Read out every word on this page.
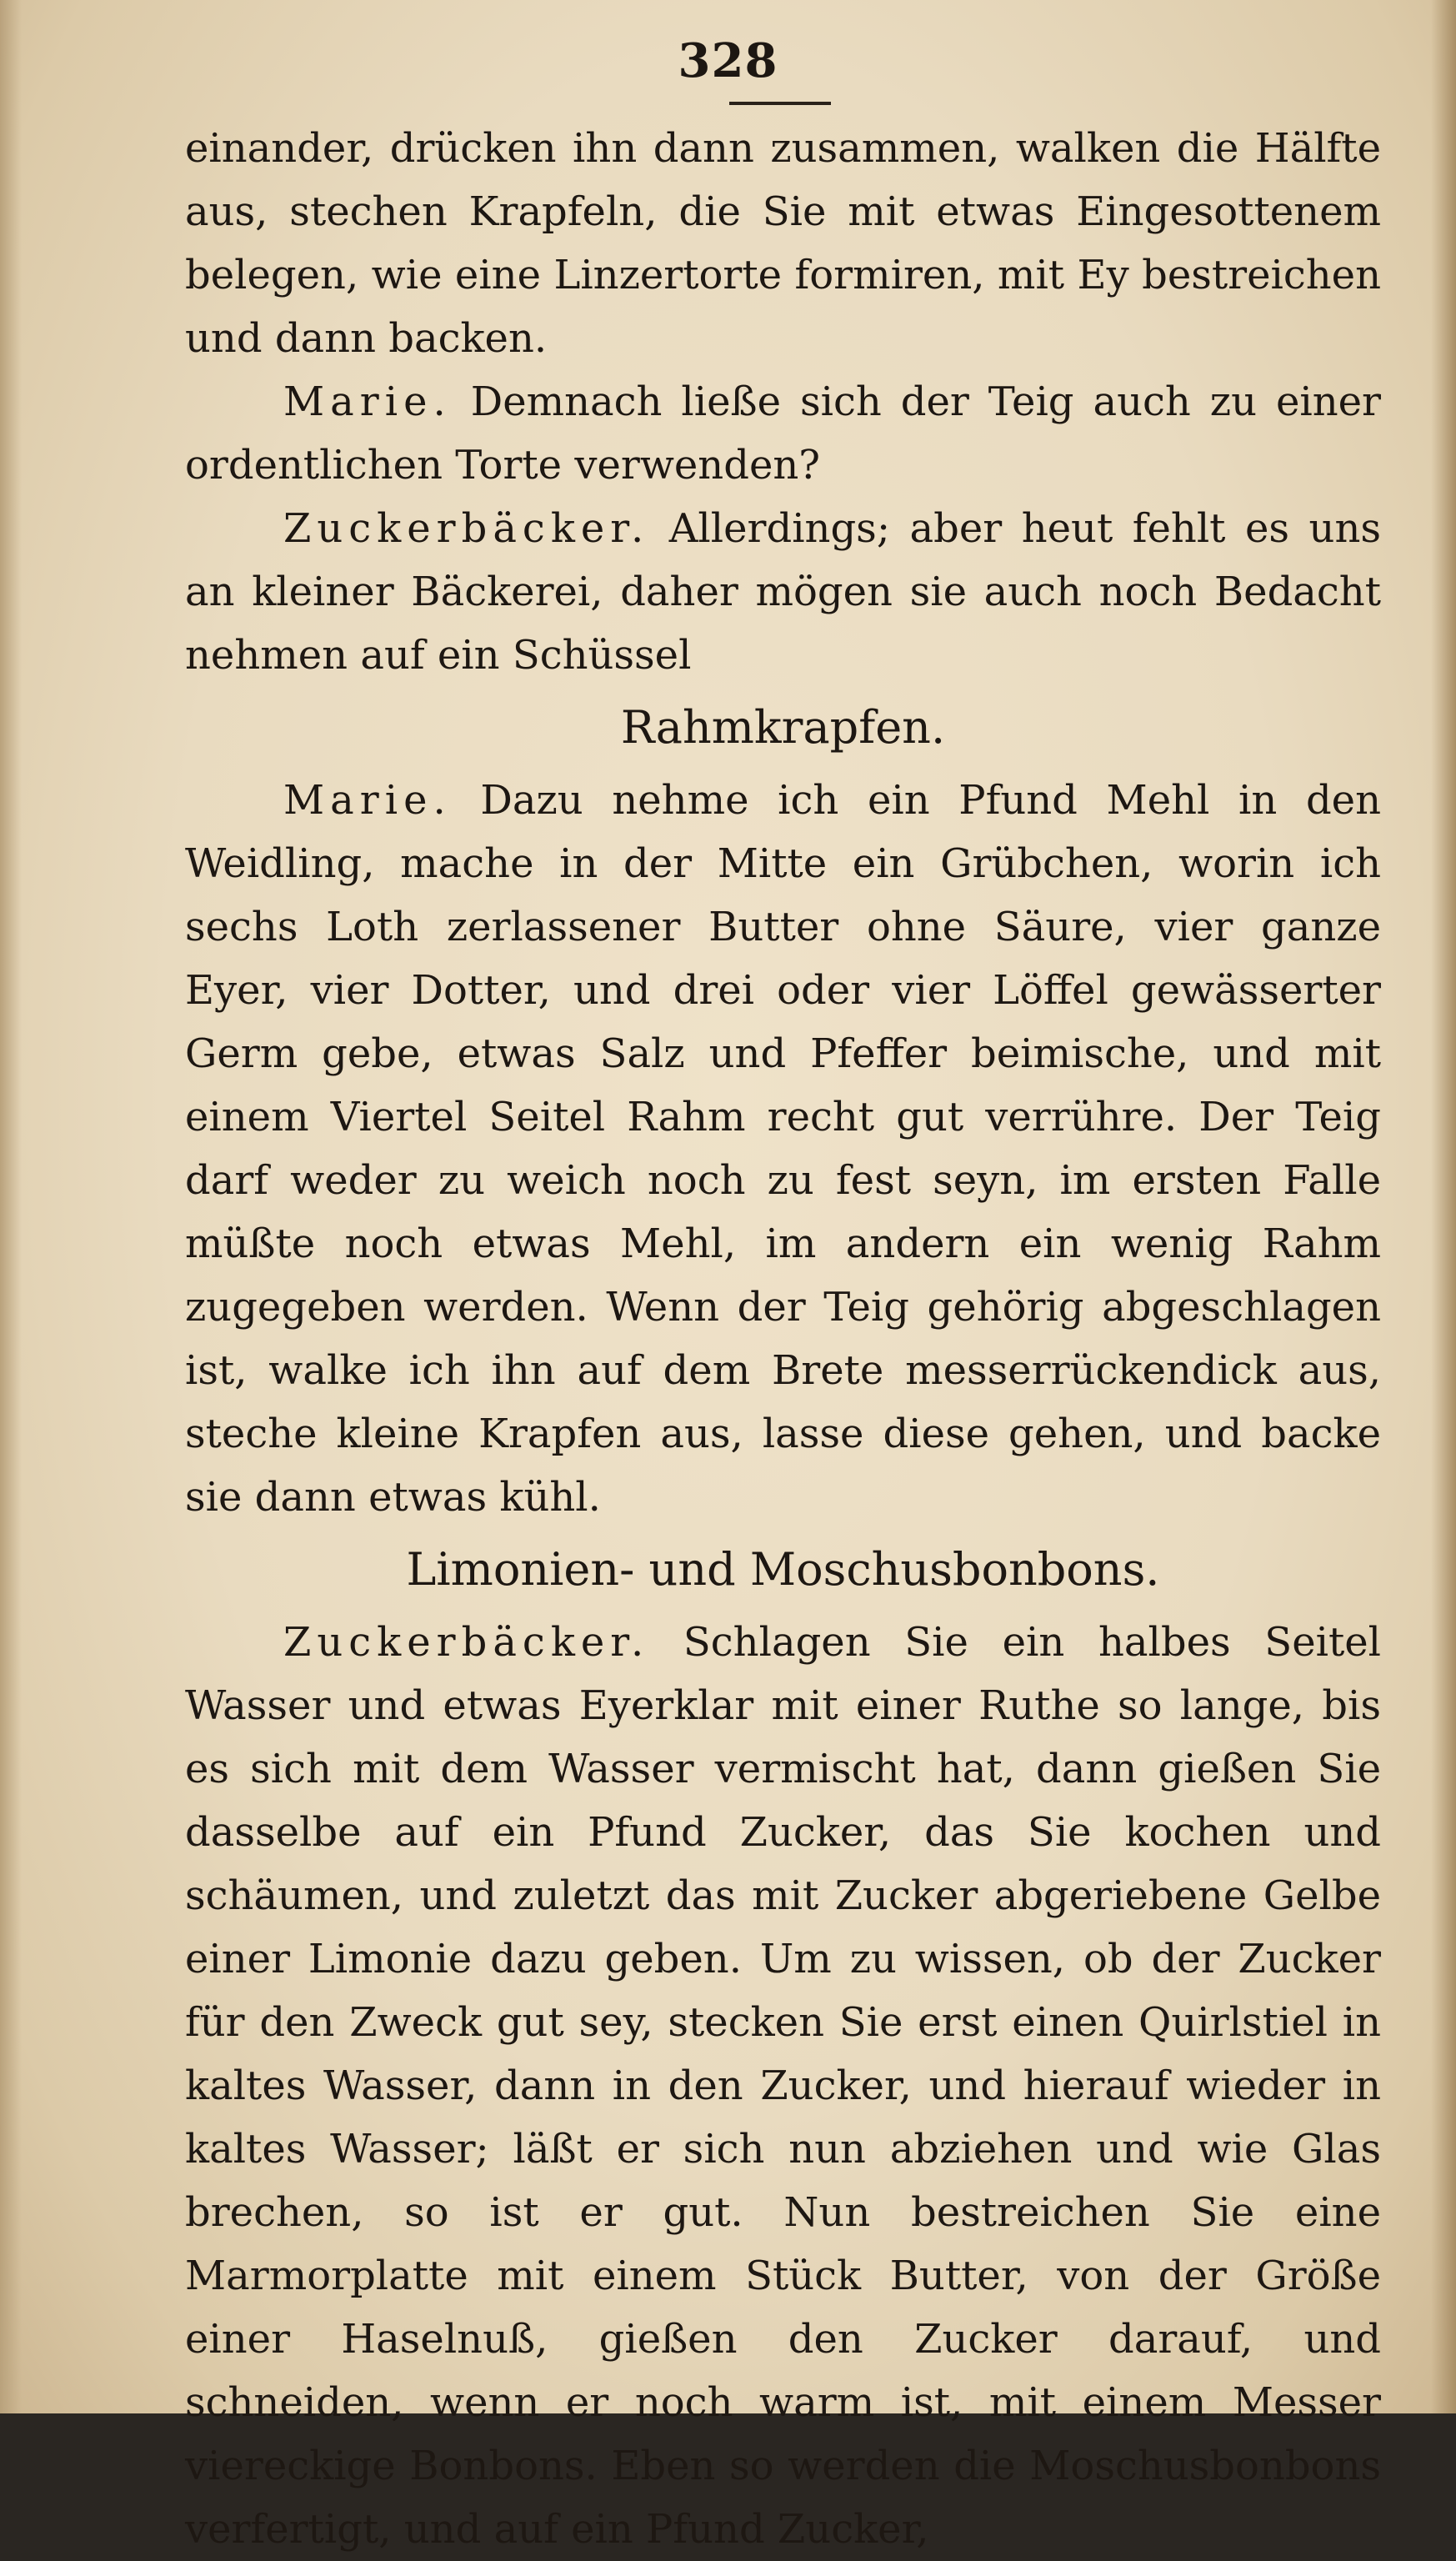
328

einander, drücken ihn dann zusammen, walken die Hälfte aus, stechen Krapfeln, die Sie mit etwas Eingesottenem belegen, wie eine Linzertorte formiren, mit Ey bestreichen und dann backen.

Marie. Demnach ließe sich der Teig auch zu einer ordentlichen Torte verwenden?

Zuckerbäcker. Allerdings; aber heut fehlt es uns an kleiner Bäckerei, daher mögen sie auch noch Bedacht nehmen auf ein Schüssel

Rahmkrapfen.

Marie. Dazu nehme ich ein Pfund Mehl in den Weidling, mache in der Mitte ein Grübchen, worin ich sechs Loth zerlassener Butter ohne Säure, vier ganze Eyer, vier Dotter, und drei oder vier Löffel gewässerter Germ gebe, etwas Salz und Pfeffer beimische, und mit einem Viertel Seitel Rahm recht gut verrühre. Der Teig darf weder zu weich noch zu fest seyn, im ersten Falle müßte noch etwas Mehl, im andern ein wenig Rahm zugegeben werden. Wenn der Teig gehörig abgeschlagen ist, walke ich ihn auf dem Brete messerrückendick aus, steche kleine Krapfen aus, lasse diese gehen, und backe sie dann etwas kühl.

Limonien- und Moschusbonbons.

Zuckerbäcker. Schlagen Sie ein halbes Seitel Wasser und etwas Eyerklar mit einer Ruthe so lange, bis es sich mit dem Wasser vermischt hat, dann gießen Sie dasselbe auf ein Pfund Zucker, das Sie kochen und schäumen, und zuletzt das mit Zucker abgeriebene Gelbe einer Limonie dazu geben. Um zu wissen, ob der Zucker für den Zweck gut sey, stecken Sie erst einen Quirlstiel in kaltes Wasser, dann in den Zucker, und hierauf wieder in kaltes Wasser; läßt er sich nun abziehen und wie Glas brechen, so ist er gut. Nun bestreichen Sie eine Marmorplatte mit einem Stück Butter, von der Größe einer Haselnuß, gießen den Zucker darauf, und schneiden, wenn er noch warm ist, mit einem Messer viereckige Bonbons. Eben so werden die Moschusbonbons verfertigt, und auf ein Pfund Zucker,
